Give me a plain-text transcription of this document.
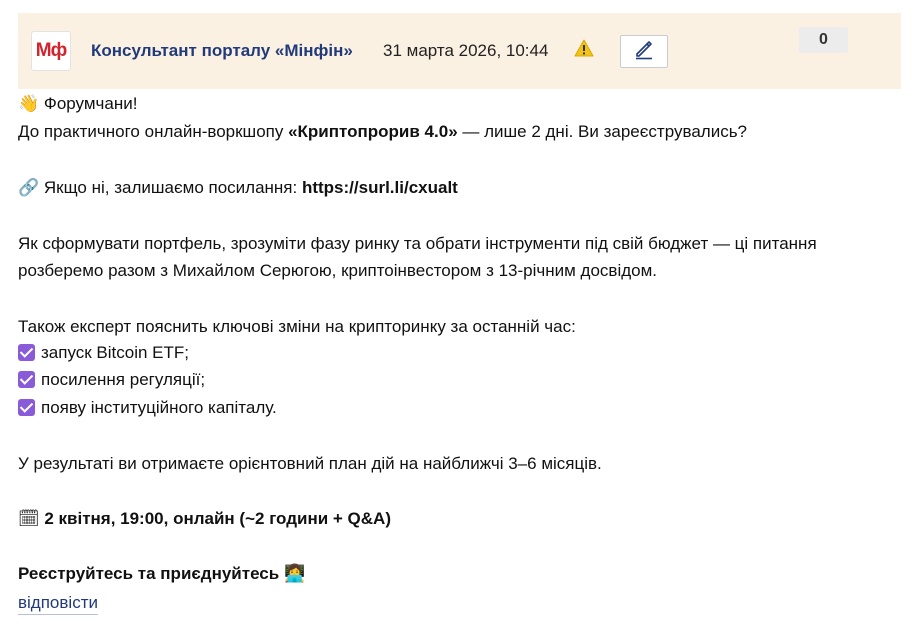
Мф Консультант порталу «Мінфін» 31 марта 2026, 10:44
0
👋 Форумчани!
До практичного онлайн-воркшопу «Криптопрорив 4.0» — лише 2 дні. Ви зареєструвались?
🔗 Якщо ні, залишаємо посилання: https://surl.li/cxualt
Як сформувати портфель, зрозуміти фазу ринку та обрати інструменти під свій бюджет — ці питання
розберемо разом з Михайлом Серюгою, криптоінвестором з 13-річним досвідом.
Також експерт пояснить ключові зміни на крипторинку за останній час:
запуск Bitcoin ETF;
посилення регуляції;
появу інституційного капіталу.
У результаті ви отримаєте орієнтовний план дій на найближчі 3–6 місяців.
🗓 2 квітня, 19:00, онлайн (~2 години + Q&A)
Реєструйтесь та приєднуйтесь 👩‍💻
відповісти
